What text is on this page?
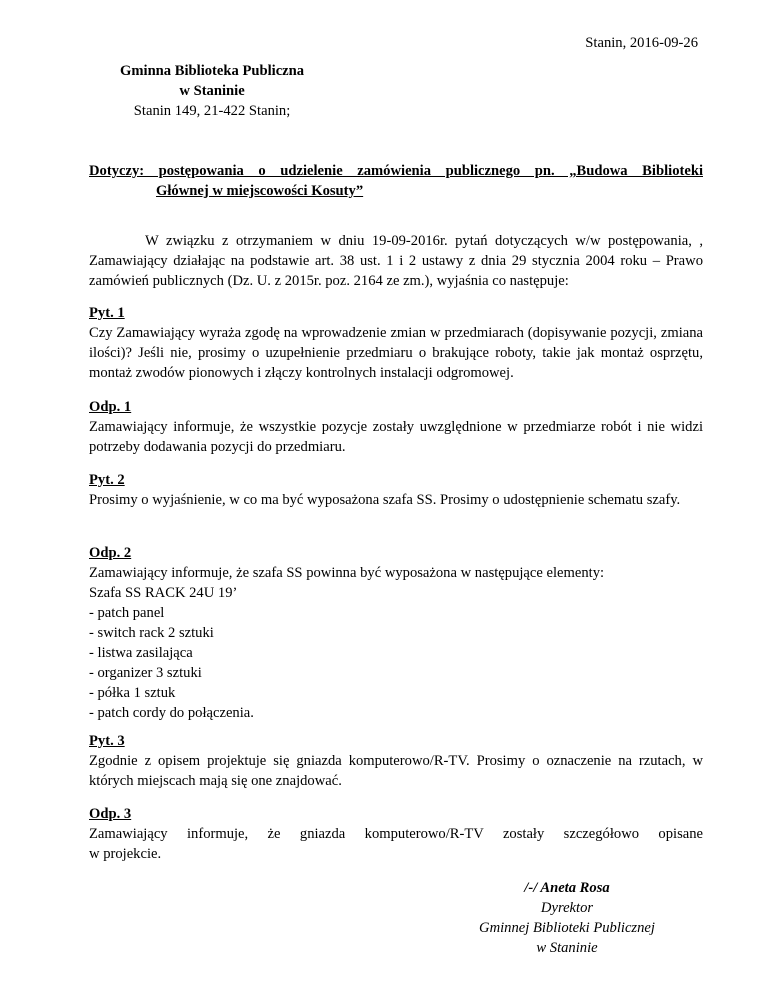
Stanin, 2016-09-26
Gminna Biblioteka Publiczna
w Staninie
Stanin 149, 21-422 Stanin;
Dotyczy: postępowania o udzielenie zamówienia publicznego pn. „Budowa Biblioteki
Głównej w miejscowości Kosuty”
W związku z otrzymaniem w dniu 19-09-2016r. pytań dotyczących w/w postępowania, , Zamawiający działając na podstawie art. 38 ust. 1 i 2 ustawy z dnia 29 stycznia 2004 roku – Prawo zamówień publicznych (Dz. U. z 2015r. poz. 2164 ze zm.), wyjaśnia co następuje:
Pyt. 1
Czy Zamawiający wyraża zgodę na wprowadzenie zmian w przedmiarach (dopisywanie pozycji, zmiana ilości)? Jeśli nie, prosimy o uzupełnienie przedmiaru o brakujące roboty, takie jak montaż osprzętu, montaż zwodów pionowych i złączy kontrolnych instalacji odgromowej.
Odp. 1
Zamawiający informuje, że wszystkie pozycje zostały uwzględnione w przedmiarze robót i nie widzi potrzeby dodawania pozycji do przedmiaru.
Pyt. 2
Prosimy o wyjaśnienie, w co ma być wyposażona szafa SS. Prosimy o udostępnienie schematu szafy.
Odp. 2
Zamawiający informuje, że szafa SS powinna być wyposażona w następujące elementy:
Szafa SS RACK 24U 19’
- patch panel
- switch rack 2 sztuki
- listwa zasilająca
- organizer 3 sztuki
- półka 1 sztuk
- patch cordy do połączenia.
Pyt. 3
Zgodnie z opisem projektuje się gniazda komputerowo/R-TV. Prosimy o oznaczenie na rzutach, w których miejscach mają się one znajdować.
Odp. 3
Zamawiający informuje, że gniazda komputerowo/R-TV zostały szczegółowo opisane
w projekcie.
/-/ Aneta Rosa
Dyrektor
Gminnej Biblioteki Publicznej
w Staninie
